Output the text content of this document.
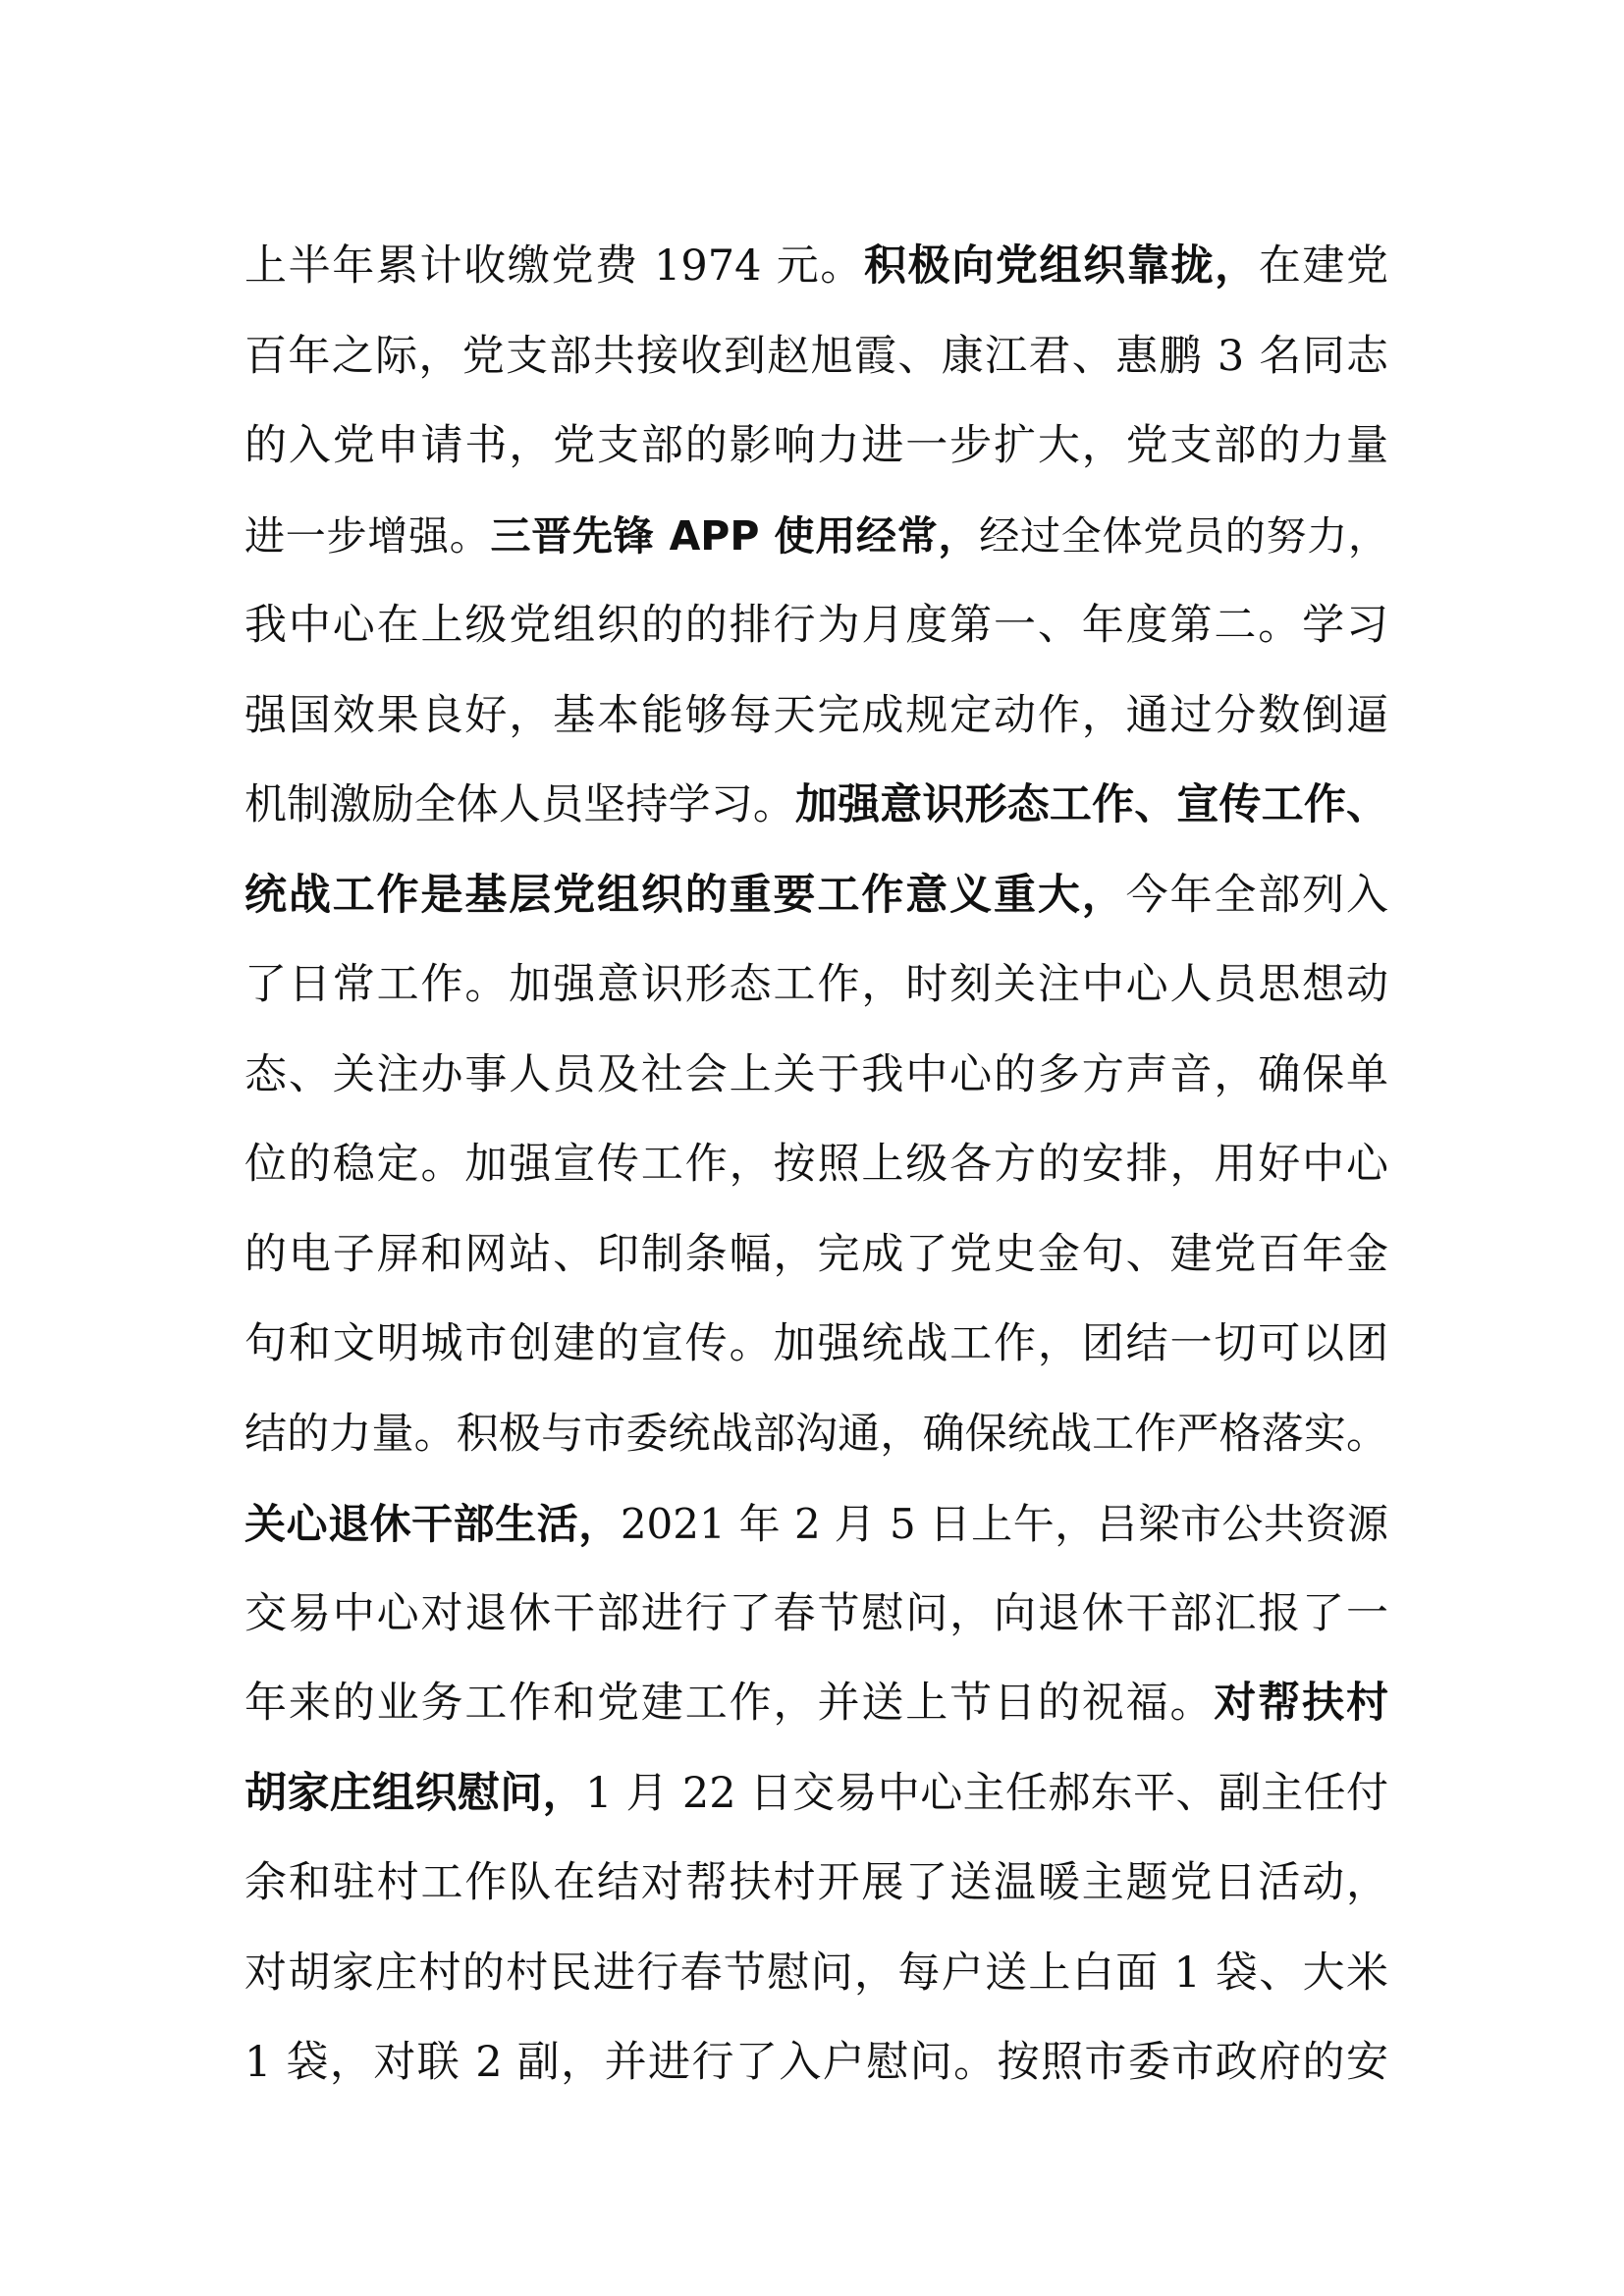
上半年累计收缴党费 1974 元。积极向党组织靠拢，在建党
百年之际，党支部共接收到赵旭霞、康江君、惠鹏 3 名同志
的入党申请书，党支部的影响力进一步扩大，党支部的力量
进一步增强。三晋先锋 APP 使用经常，经过全体党员的努力，
我中心在上级党组织的的排行为月度第一、年度第二。学习
强国效果良好，基本能够每天完成规定动作，通过分数倒逼
机制激励全体人员坚持学习。加强意识形态工作、宣传工作、
统战工作是基层党组织的重要工作意义重大，今年全部列入
了日常工作。加强意识形态工作，时刻关注中心人员思想动
态、关注办事人员及社会上关于我中心的多方声音，确保单
位的稳定。加强宣传工作，按照上级各方的安排，用好中心
的电子屏和网站、印制条幅，完成了党史金句、建党百年金
句和文明城市创建的宣传。加强统战工作，团结一切可以团
结的力量。积极与市委统战部沟通，确保统战工作严格落实。
关心退休干部生活，2021 年 2 月 5 日上午，吕梁市公共资源
交易中心对退休干部进行了春节慰问，向退休干部汇报了一
年来的业务工作和党建工作，并送上节日的祝福。对帮扶村
胡家庄组织慰问，1 月 22 日交易中心主任郝东平、副主任付
余和驻村工作队在结对帮扶村开展了送温暖主题党日活动，
对胡家庄村的村民进行春节慰问，每户送上白面 1 袋、大米
1 袋，对联 2 副，并进行了入户慰问。按照市委市政府的安
